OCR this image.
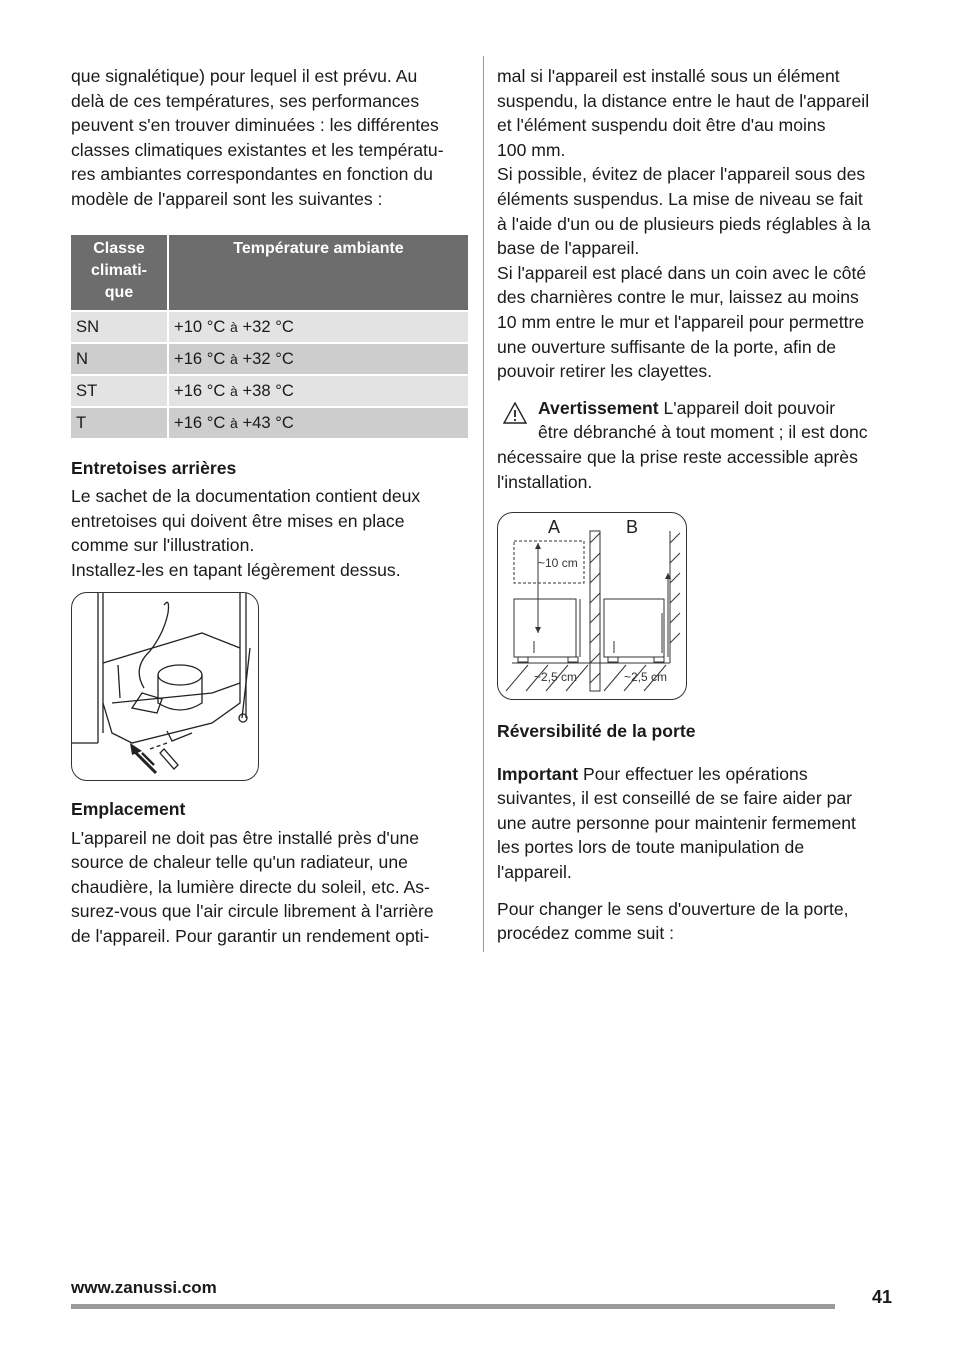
que signalétique) pour lequel il est prévu. Au

delà de ces températures, ses performances

peuvent s'en trouver diminuées : les différentes

classes climatiques existantes et les températu-

res ambiantes correspondantes en fonction du

modèle de l'appareil sont les suivantes :

Classe
climati-
que	Température ambiante
SN	+10 °C à +32 °C
N	+16 °C à +32 °C
ST	+16 °C à +38 °C
T	+16 °C à +43 °C

Entretoises arrières

Le sachet de la documentation contient deux

entretoises qui doivent être mises en place

comme sur l'illustration.

Installez-les en tapant légèrement dessus.

Emplacement

L'appareil ne doit pas être installé près d'une

source de chaleur telle qu'un radiateur, une

chaudière, la lumière directe du soleil, etc. As-

surez-vous que l'air circule librement à l'arrière

de l'appareil. Pour garantir un rendement opti-

mal si l'appareil est installé sous un élément

suspendu, la distance entre le haut de l'appareil

et l'élément suspendu doit être d'au moins

100 mm.

Si possible, évitez de placer l'appareil sous des

éléments suspendus. La mise de niveau se fait

à l'aide d'un ou de plusieurs pieds réglables à la

base de l'appareil.

Si l'appareil est placé dans un coin avec le côté

des charnières contre le mur, laissez au moins

10 mm entre le mur et l'appareil pour permettre

une ouverture suffisante de la porte, afin de

pouvoir retirer les clayettes.

Avertissement L'appareil doit pouvoir

être débranché à tout moment ; il est donc

nécessaire que la prise reste accessible après

l'installation.

A	B
~10 cm
~2,5 cm	~2,5 cm

Réversibilité de la porte

Important Pour effectuer les opérations

suivantes, il est conseillé de se faire aider par

une autre personne pour maintenir fermement

les portes lors de toute manipulation de

l'appareil.

Pour changer le sens d'ouverture de la porte,

procédez comme suit :

www.zanussi.com	41
